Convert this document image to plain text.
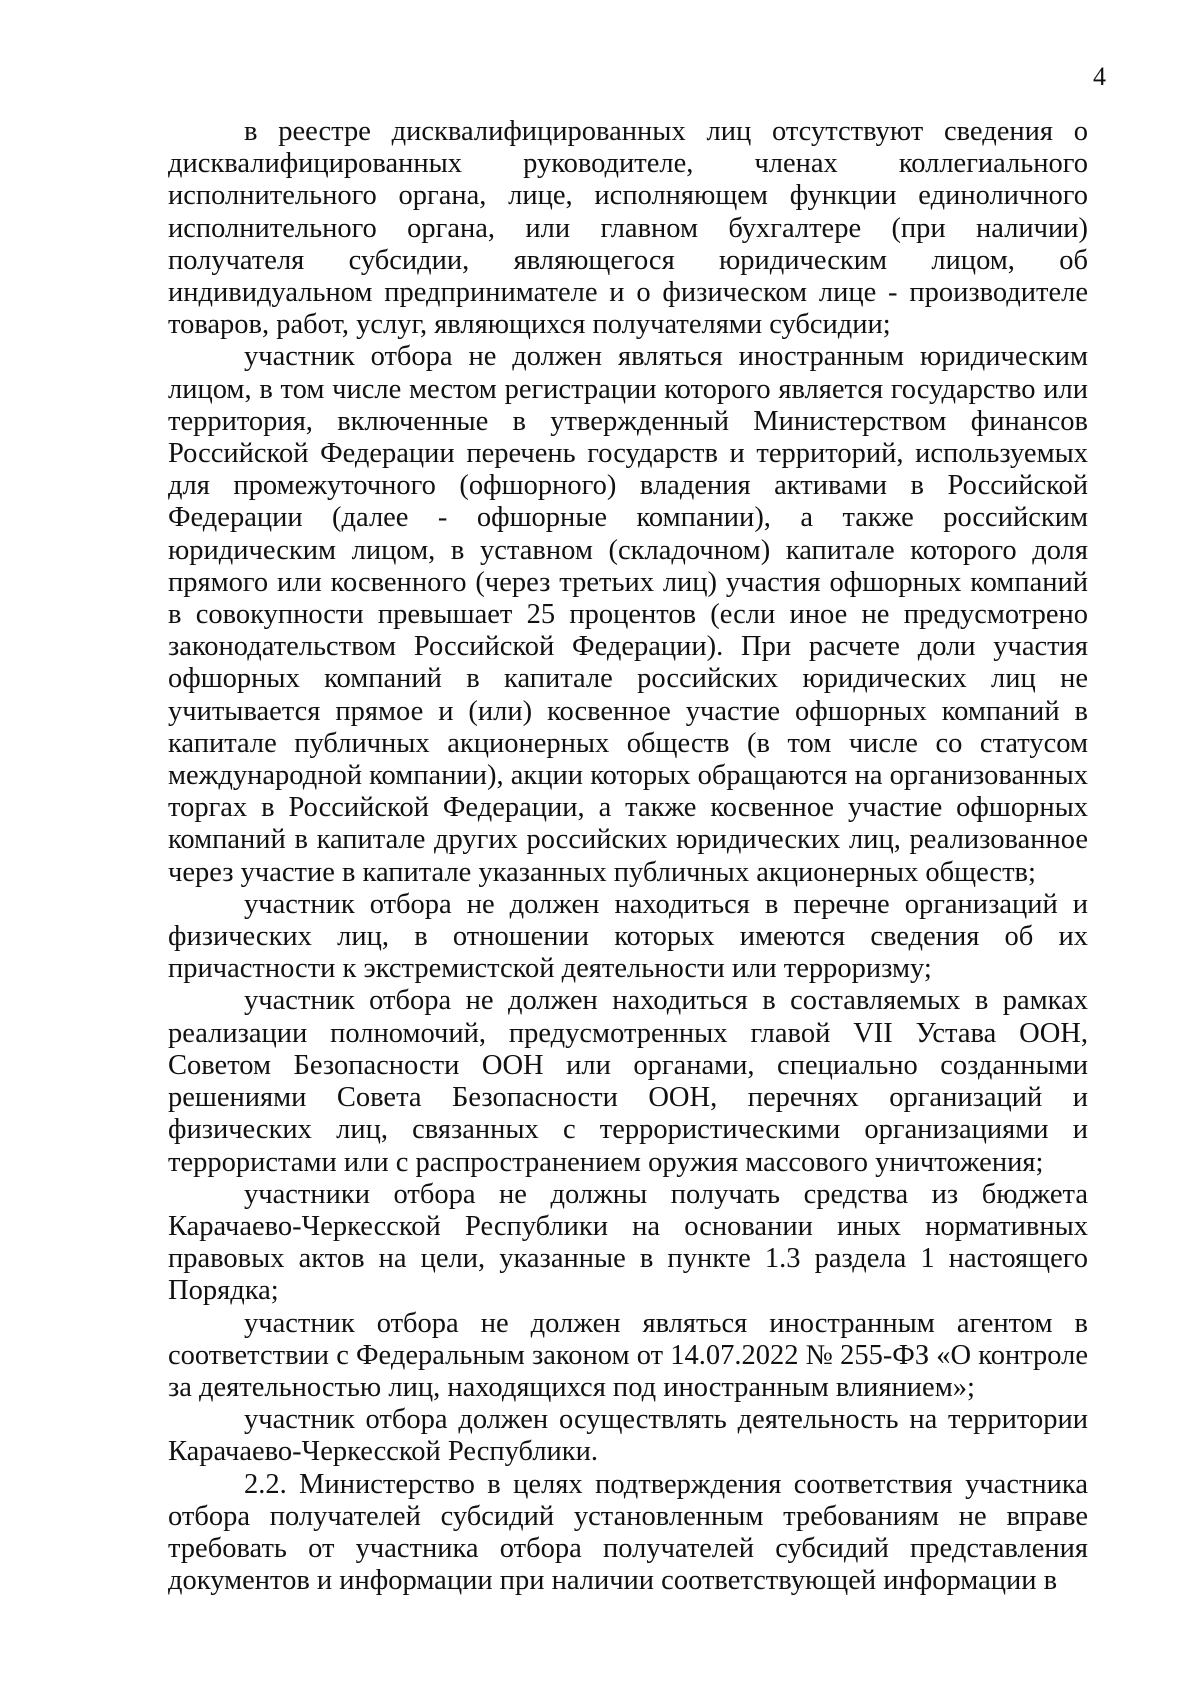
4

в реестре дисквалифицированных лиц отсутствуют сведения о дисквалифицированных руководителе, членах коллегиального исполнительного органа, лице, исполняющем функции единоличного исполнительного органа, или главном бухгалтере (при наличии) получателя субсидии, являющегося юридическим лицом, об индивидуальном предпринимателе и о физическом лице - производителе товаров, работ, услуг, являющихся получателями субсидии;

участник отбора не должен являться иностранным юридическим лицом, в том числе местом регистрации которого является государство или территория, включенные в утвержденный Министерством финансов Российской Федерации перечень государств и территорий, используемых для промежуточного (офшорного) владения активами в Российской Федерации (далее - офшорные компании), а также российским юридическим лицом, в уставном (складочном) капитале которого доля прямого или косвенного (через третьих лиц) участия офшорных компаний в совокупности превышает 25 процентов (если иное не предусмотрено законодательством Российской Федерации). При расчете доли участия офшорных компаний в капитале российских юридических лиц не учитывается прямое и (или) косвенное участие офшорных компаний в капитале публичных акционерных обществ (в том числе со статусом международной компании), акции которых обращаются на организованных торгах в Российской Федерации, а также косвенное участие офшорных компаний в капитале других российских юридических лиц, реализованное через участие в капитале указанных публичных акционерных обществ;

участник отбора не должен находиться в перечне организаций и физических лиц, в отношении которых имеются сведения об их причастности к экстремистской деятельности или терроризму;

участник отбора не должен находиться в составляемых в рамках реализации полномочий, предусмотренных главой VII Устава ООН, Советом Безопасности ООН или органами, специально созданными решениями Совета Безопасности ООН, перечнях организаций и физических лиц, связанных с террористическими организациями и террористами или с распространением оружия массового уничтожения;

участники отбора не должны получать средства из бюджета Карачаево-Черкесской Республики на основании иных нормативных правовых актов на цели, указанные в пункте 1.3 раздела 1 настоящего Порядка;

участник отбора не должен являться иностранным агентом в соответствии с Федеральным законом от 14.07.2022 № 255-ФЗ «О контроле за деятельностью лиц, находящихся под иностранным влиянием»;

участник отбора должен осуществлять деятельность на территории Карачаево-Черкесской Республики.

2.2. Министерство в целях подтверждения соответствия участника отбора получателей субсидий установленным требованиям не вправе требовать от участника отбора получателей субсидий представления документов и информации при наличии соответствующей информации в
